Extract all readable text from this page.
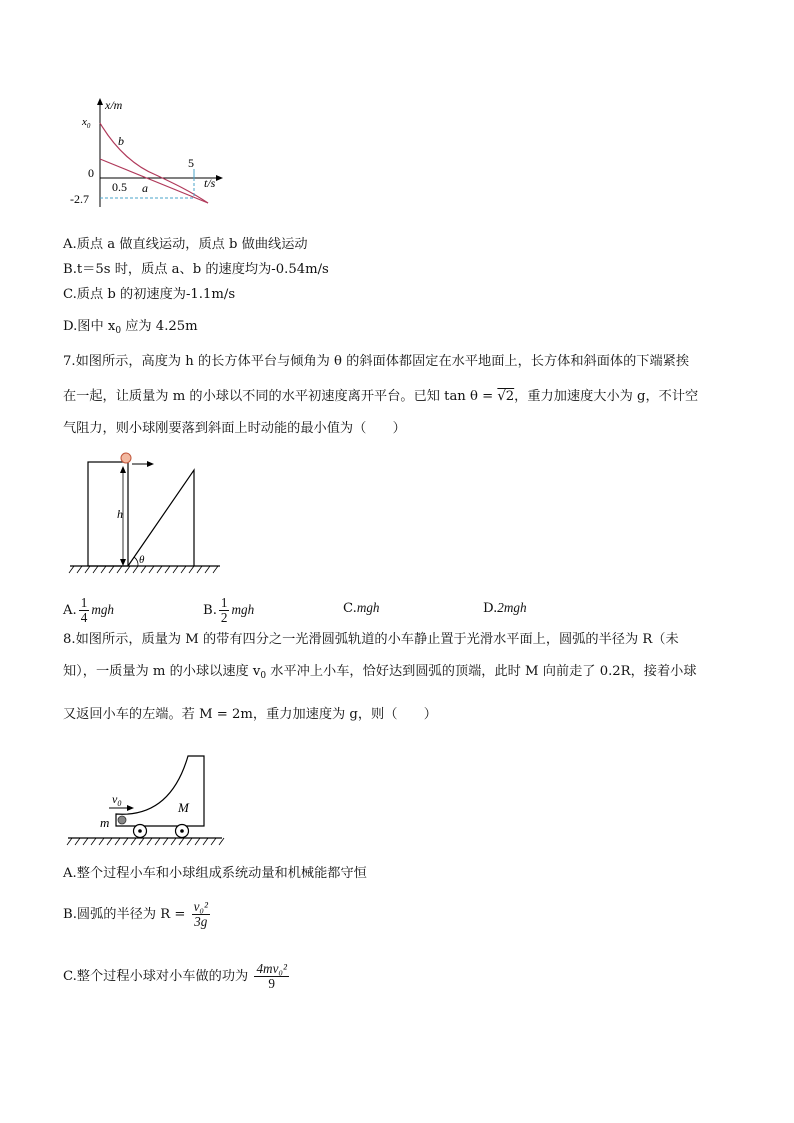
x/m
$x_0$
b
0
0.5 a
5
t/s
-2.7
A.质点 a 做直线运动，质点 b 做曲线运动
B.t＝5s 时，质点 a、b 的速度均为-0.54m/s
C.质点 b 的初速度为-1.1m/s
D.图中 $x_0$ 应为 4.25m
7.如图所示，高度为 h 的长方体平台与倾角为 θ 的斜面体都固定在水平地面上，长方体和斜面体的下端紧挨
在一起，让质量为 m 的小球以不同的水平初速度离开平台。已知 tan θ = √2，重力加速度大小为 g，不计空
气阻力，则小球刚要落到斜面上时动能的最小值为（　　）
h
θ
A. $\frac{1}{4}$ mgh	B. $\frac{1}{2}$ mgh	C.mgh	D.2mgh
8.如图所示，质量为 M 的带有四分之一光滑圆弧轨道的小车静止置于光滑水平面上，圆弧的半径为 R（未
知），一质量为 m 的小球以速度 $v_0$ 水平冲上小车，恰好达到圆弧的顶端，此时 M 向前走了 0.2R，接着小球
又返回小车的左端。若 M = 2m，重力加速度为 g，则（　　）
$v_0$
m
M
A.整个过程小车和小球组成系统动量和机械能都守恒
B.圆弧的半径为 $R = \frac{\text{v₀²}}{3g}$
C.整个过程小球对小车做的功为 $\frac{\text{4mv₀²}}{9}$
